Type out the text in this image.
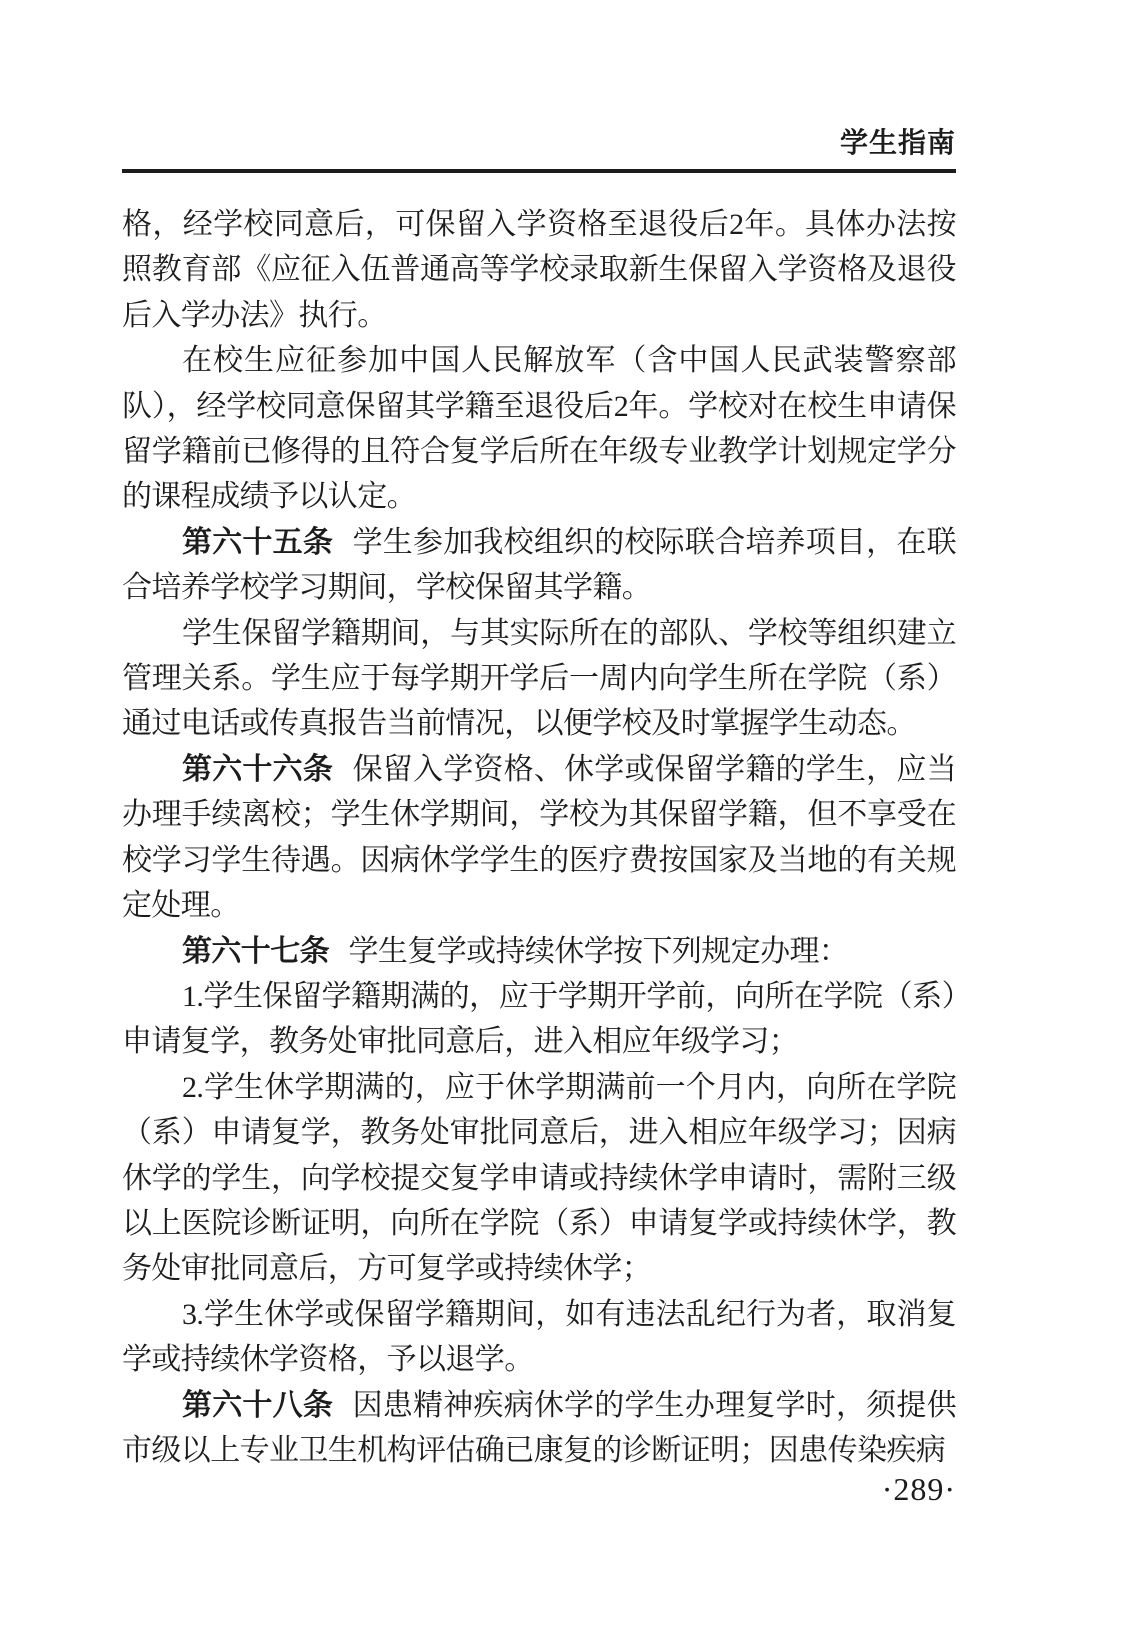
学生指南

格，经学校同意后，可保留入学资格至退役后2年。具体办法按照教育部《应征入伍普通高等学校录取新生保留入学资格及退役后入学办法》执行。

在校生应征参加中国人民解放军（含中国人民武装警察部队），经学校同意保留其学籍至退役后2年。学校对在校生申请保留学籍前已修得的且符合复学后所在年级专业教学计划规定学分的课程成绩予以认定。

第六十五条 学生参加我校组织的校际联合培养项目，在联合培养学校学习期间，学校保留其学籍。

学生保留学籍期间，与其实际所在的部队、学校等组织建立管理关系。学生应于每学期开学后一周内向学生所在学院（系）通过电话或传真报告当前情况，以便学校及时掌握学生动态。

第六十六条 保留入学资格、休学或保留学籍的学生，应当办理手续离校；学生休学期间，学校为其保留学籍，但不享受在校学习学生待遇。因病休学学生的医疗费按国家及当地的有关规定处理。

第六十七条 学生复学或持续休学按下列规定办理：

1.学生保留学籍期满的，应于学期开学前，向所在学院（系）申请复学，教务处审批同意后，进入相应年级学习；

2.学生休学期满的，应于休学期满前一个月内，向所在学院（系）申请复学，教务处审批同意后，进入相应年级学习；因病休学的学生，向学校提交复学申请或持续休学申请时，需附三级以上医院诊断证明，向所在学院（系）申请复学或持续休学，教务处审批同意后，方可复学或持续休学；

3.学生休学或保留学籍期间，如有违法乱纪行为者，取消复学或持续休学资格，予以退学。

第六十八条 因患精神疾病休学的学生办理复学时，须提供市级以上专业卫生机构评估确已康复的诊断证明；因患传染疾病

·289·
